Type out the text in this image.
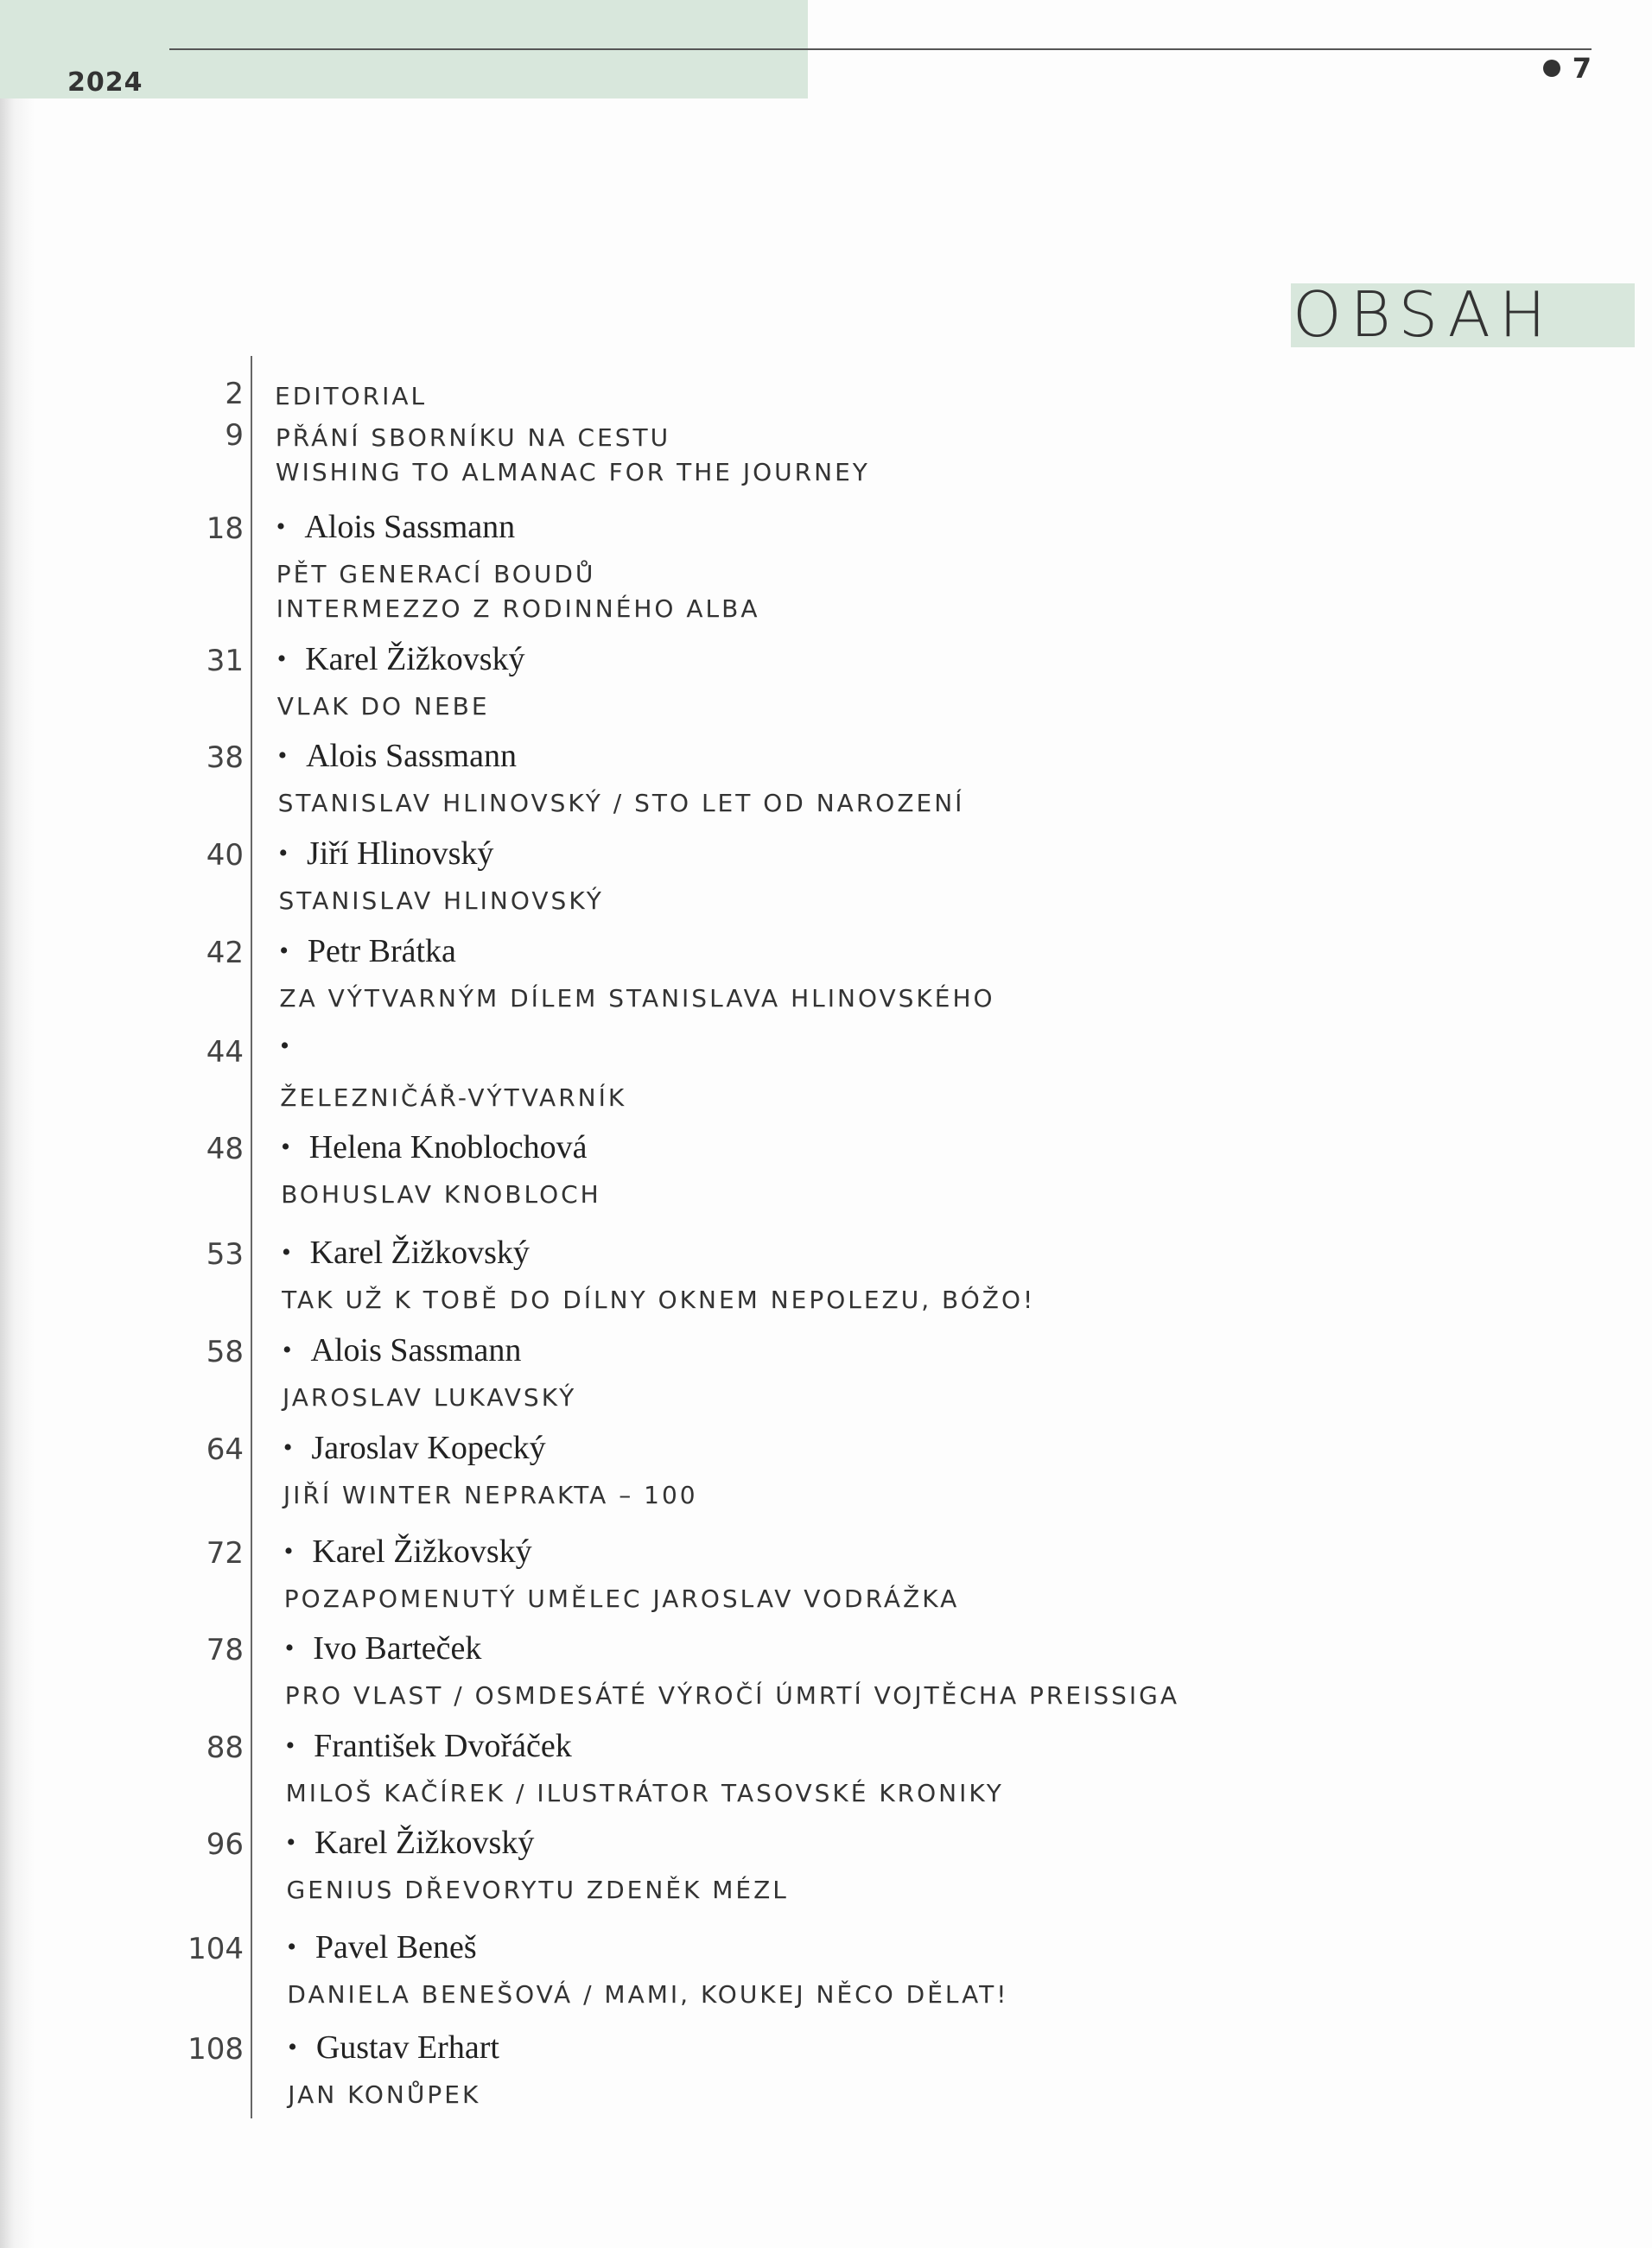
2024	7
OBSAH
2 EDITORIAL
9 PŘÁNÍ SBORNÍKU NA CESTU
WISHING TO ALMANAC FOR THE JOURNEY
18 • Alois Sassmann
PĚT GENERACÍ BOUDŮ
INTERMEZZO Z RODINNÉHO ALBA
31 • Karel Žižkovský
VLAK DO NEBE
38 • Alois Sassmann
STANISLAV HLINOVSKÝ / STO LET OD NAROZENÍ
40 • Jiří Hlinovský
STANISLAV HLINOVSKÝ
42 • Petr Brátka
ZA VÝTVARNÝM DÍLEM STANISLAVA HLINOVSKÉHO
44 •
ŽELEZNIČÁŘ-VÝTVARNÍK
48 • Helena Knoblochová
BOHUSLAV KNOBLOCH
53 • Karel Žižkovský
TAK UŽ K TOBĚ DO DÍLNY OKNEM NEPOLEZU, BÓŽO!
58 • Alois Sassmann
JAROSLAV LUKAVSKÝ
64 • Jaroslav Kopecký
JIŘÍ WINTER NEPRAKTA – 100
72 • Karel Žižkovský
POZAPOMENUTÝ UMĚLEC JAROSLAV VODRÁŽKA
78 • Ivo Barteček
PRO VLAST / OSMDESÁTÉ VÝROČÍ ÚMRTÍ VOJTĚCHA PREISSIGA
88 • František Dvořáček
MILOŠ KAČÍREK / ILUSTRÁTOR TASOVSKÉ KRONIKY
96 • Karel Žižkovský
GENIUS DŘEVORYTU ZDENĚK MÉZL
104 • Pavel Beneš
DANIELA BENEŠOVÁ / MAMI, KOUKEJ NĚCO DĚLAT!
108 • Gustav Erhart
JAN KONŮPEK
